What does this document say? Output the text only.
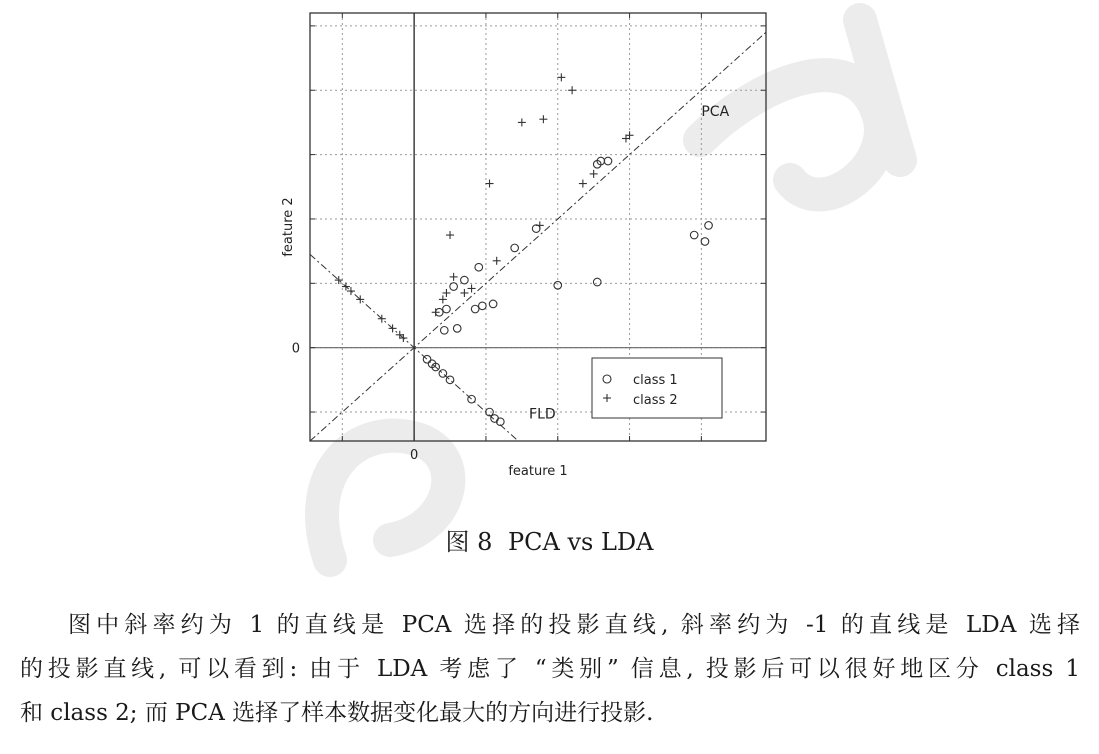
0
0
feature 1
feature 2
PCA
FLD
class 1
class 2
图 8 PCA vs LDA
图中斜率约为 1 的直线是 PCA 选择的投影直线, 斜率约为 -1 的直线是 LDA 选择
的投影直线, 可以看到: 由于 LDA 考虑了 “类别” 信息, 投影后可以很好地区分 class 1
和 class 2; 而 PCA 选择了样本数据变化最大的方向进行投影.
